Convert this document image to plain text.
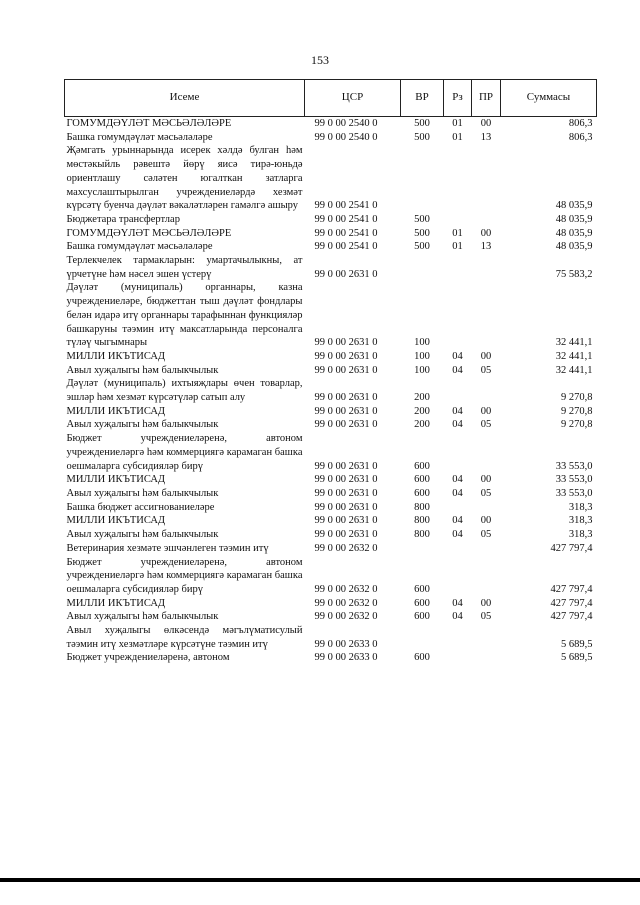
153
Исеме	ЦСР	ВР	Рз	ПР	Суммасы

ГОМУМДӘҮЛӘТ МӘСЬӘЛӘЛӘРЕ	99 0 00 2540 0	500	01	00	806,3

Башка гомумдәүләт мәсьәләләре	99 0 00 2540 0	500	01	13	806,3

Җәмгать урыннарында исерек хәлдә булган һәм мөстәкыйль рәвештә йөрү яисә тирә-юньдә ориентлашу сәләтен югалткан затларга махсуслаштырылган учреждениеләрдә хезмәт күрсәтү буенча дәүләт вәкаләтләрен гамәлгә ашыру	99 0 00 2541 0				48 035,9

Бюджетара трансфертлар	99 0 00 2541 0	500			48 035,9

ГОМУМДӘҮЛӘТ МӘСЬӘЛӘЛӘРЕ	99 0 00 2541 0	500	01	00	48 035,9

Башка гомумдәүләт мәсьәләләре	99 0 00 2541 0	500	01	13	48 035,9

Терлекчелек тармакларын: умартачылыкны, ат үрчетүне һәм нәсел эшен үстерү	99 0 00 2631 0				75 583,2

Дәүләт (муниципаль) органнары, казна учреждениеләре, бюджеттан тыш дәүләт фондлары белән идарә итү органнары тарафыннан функцияләр башкаруны тәэмин итү максатларында персоналга түләү чыгымнары	99 0 00 2631 0	100			32 441,1

МИЛЛИ ИКЪТИСАД	99 0 00 2631 0	100	04	00	32 441,1

Авыл хуҗалыгы һәм балыкчылык	99 0 00 2631 0	100	04	05	32 441,1

Дәүләт (муниципаль) ихтыяҗлары өчен товарлар, эшләр һәм хезмәт күрсәтүләр сатып алу	99 0 00 2631 0	200			9 270,8

МИЛЛИ ИКЪТИСАД	99 0 00 2631 0	200	04	00	9 270,8

Авыл хуҗалыгы һәм балыкчылык	99 0 00 2631 0	200	04	05	9 270,8

Бюджет учреждениеләренә, автоном учреждениеләргә һәм коммерциягә карамаган башка оешмаларга субсидияләр бирү	99 0 00 2631 0	600			33 553,0

МИЛЛИ ИКЪТИСАД	99 0 00 2631 0	600	04	00	33 553,0

Авыл хуҗалыгы һәм балыкчылык	99 0 00 2631 0	600	04	05	33 553,0

Башка бюджет ассигнованиеләре	99 0 00 2631 0	800			318,3

МИЛЛИ ИКЪТИСАД	99 0 00 2631 0	800	04	00	318,3

Авыл хуҗалыгы һәм балыкчылык	99 0 00 2631 0	800	04	05	318,3

Ветеринария хезмәте эшчәнлеген тәэмин итү	99 0 00 2632 0				427 797,4

Бюджет учреждениеләренә, автоном учреждениеләргә һәм коммерциягә карамаган башка оешмаларга субсидияләр бирү	99 0 00 2632 0	600			427 797,4

МИЛЛИ ИКЪТИСАД	99 0 00 2632 0	600	04	00	427 797,4

Авыл хуҗалыгы һәм балыкчылык	99 0 00 2632 0	600	04	05	427 797,4

Авыл хуҗалыгы өлкәсендә мәгълүматисулый тәэмин итү хезмәтләре күрсәтүне тәэмин итү	99 0 00 2633 0				5 689,5

Бюджет учреждениеләренә, автоном	99 0 00 2633 0	600			5 689,5
